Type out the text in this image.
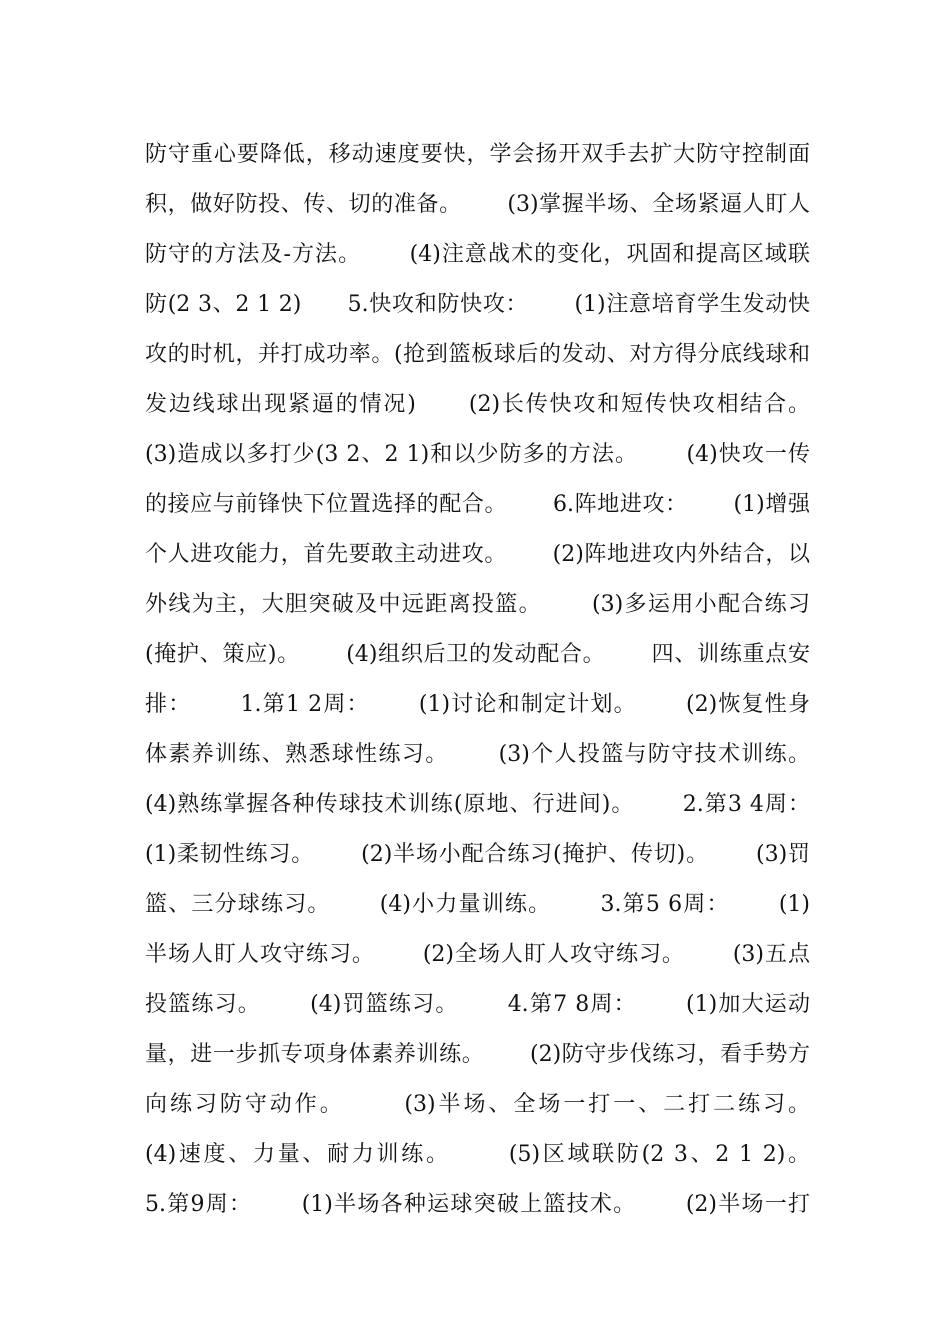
防守重心要降低，移动速度要快，学会扬开双手去扩大防守控制面
积，做好防投、传、切的准备。      (3)掌握半场、全场紧逼人盯人
防守的方法及-方法。      (4)注意战术的变化，巩固和提高区域联
防(2 3、2 1 2)      5.快攻和防快攻：      (1)注意培育学生发动快
攻的时机，并打成功率。(抢到篮板球后的发动、对方得分底线球和
发边线球出现紧逼的情况)      (2)长传快攻和短传快攻相结合。
(3)造成以多打少(3 2、2 1)和以少防多的方法。      (4)快攻一传
的接应与前锋快下位置选择的配合。      6.阵地进攻：      (1)增强
个人进攻能力，首先要敢主动进攻。      (2)阵地进攻内外结合，以
外线为主，大胆突破及中远距离投篮。      (3)多运用小配合练习
(掩护、策应)。      (4)组织后卫的发动配合。      四、训练重点安
排：      1.第1 2周：      (1)讨论和制定计划。      (2)恢复性身
体素养训练、熟悉球性练习。      (3)个人投篮与防守技术训练。
(4)熟练掌握各种传球技术训练(原地、行进间)。      2.第3 4周：
(1)柔韧性练习。      (2)半场小配合练习(掩护、传切)。      (3)罚
篮、三分球练习。      (4)小力量训练。      3.第5 6周：      (1)
半场人盯人攻守练习。      (2)全场人盯人攻守练习。      (3)五点
投篮练习。      (4)罚篮练习。      4.第7 8周：      (1)加大运动
量，进一步抓专项身体素养训练。      (2)防守步伐练习，看手势方
向练习防守动作。      (3)半场、全场一打一、二打二练习。
(4)速度、力量、耐力训练。      (5)区域联防(2 3、2 1 2)。
5.第9周：      (1)半场各种运球突破上篮技术。      (2)半场一打
